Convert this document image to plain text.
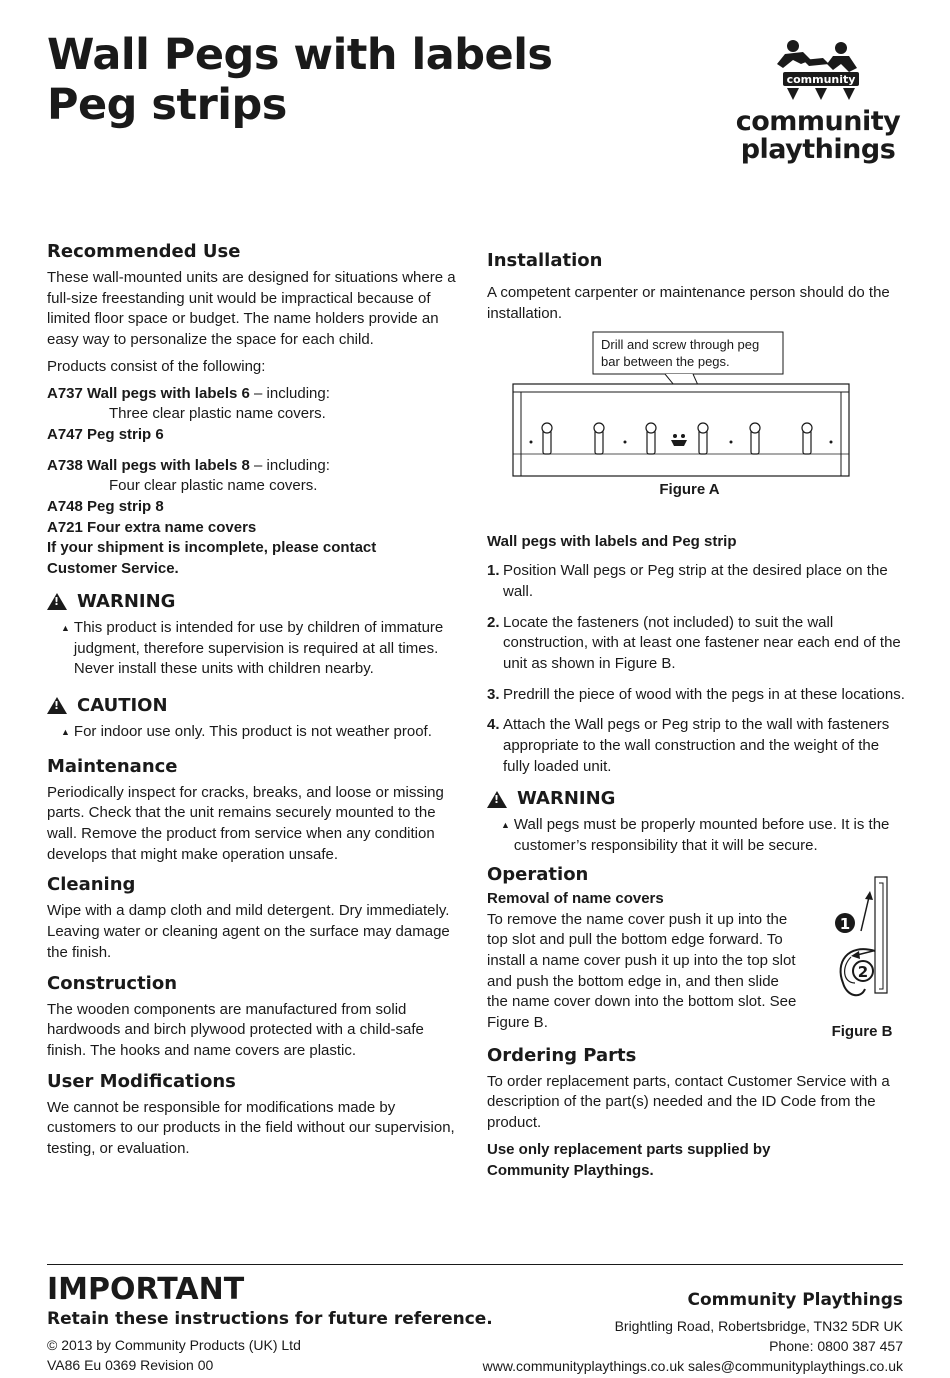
Wall Pegs with labels
Peg strips
community
community
playthings
Recommended Use

These wall-mounted units are designed for situations where a full-size freestanding unit would be impractical because of limited floor space or budget. The name holders provide an easy way to personalize the space for each child.

Products consist of the following:

A737 Wall pegs with labels 6 – including:
Three clear plastic name covers.
A747 Peg strip 6
A738 Wall pegs with labels 8 – including:
Four clear plastic name covers.
A748 Peg strip 8
A721 Four extra name covers
If your shipment is incomplete, please contact Customer Service.
!
WARNING
▲ This product is intended for use by children of immature judgment, therefore supervision is required at all times. Never install these units with children nearby.
!
CAUTION
▲ For indoor use only. This product is not weather proof.
Maintenance

Periodically inspect for cracks, breaks, and loose or missing parts. Check that the unit remains securely mounted to the wall. Remove the product from service when any condition develops that might make operation unsafe.

Cleaning

Wipe with a damp cloth and mild detergent. Dry immediately. Leaving water or cleaning agent on the surface may damage the finish.

Construction

The wooden components are manufactured from solid hardwoods and birch plywood protected with a child-safe finish. The hooks and name covers are plastic.

User Modifications

We cannot be responsible for modifications made by customers to our products in the field without our supervision, testing, or evaluation.

Installation

A competent carpenter or maintenance person should do the installation.

Drill and screw through peg
bar between the pegs.
Figure A
Wall pegs with labels and Peg strip
1. Position Wall pegs or Peg strip at the desired place on the wall.
2. Locate the fasteners (not included) to suit the wall construction, with at least one fastener near each end of the unit as shown in Figure B.
3. Predrill the piece of wood with the pegs in at these locations.
4. Attach the Wall pegs or Peg strip to the wall with fasteners appropriate to the wall construction and the weight of the fully loaded unit.
!
WARNING
▲ Wall pegs must be properly mounted before use. It is the customer’s responsibility that it will be secure.
Operation
Removal of name covers

To remove the name cover push it up into the top slot and pull the bottom edge forward. To install a name cover push it up into the top slot and push the bottom edge in, and then slide the name cover down into the bottom slot. See Figure B.

1
2
Figure B
Ordering Parts

To order replacement parts, contact Customer Service with a description of the part(s) needed and the ID Code from the product.

Use only replacement parts supplied by Community Playthings.
IMPORTANT
Retain these instructions for future reference.
© 2013 by Community Products (UK) Ltd
VA86 Eu 0369 Revision 00
Community Playthings
Brightling Road, Robertsbridge, TN32 5DR UK
Phone: 0800 387 457
www.communityplaythings.co.uk sales@communityplaythings.co.uk
